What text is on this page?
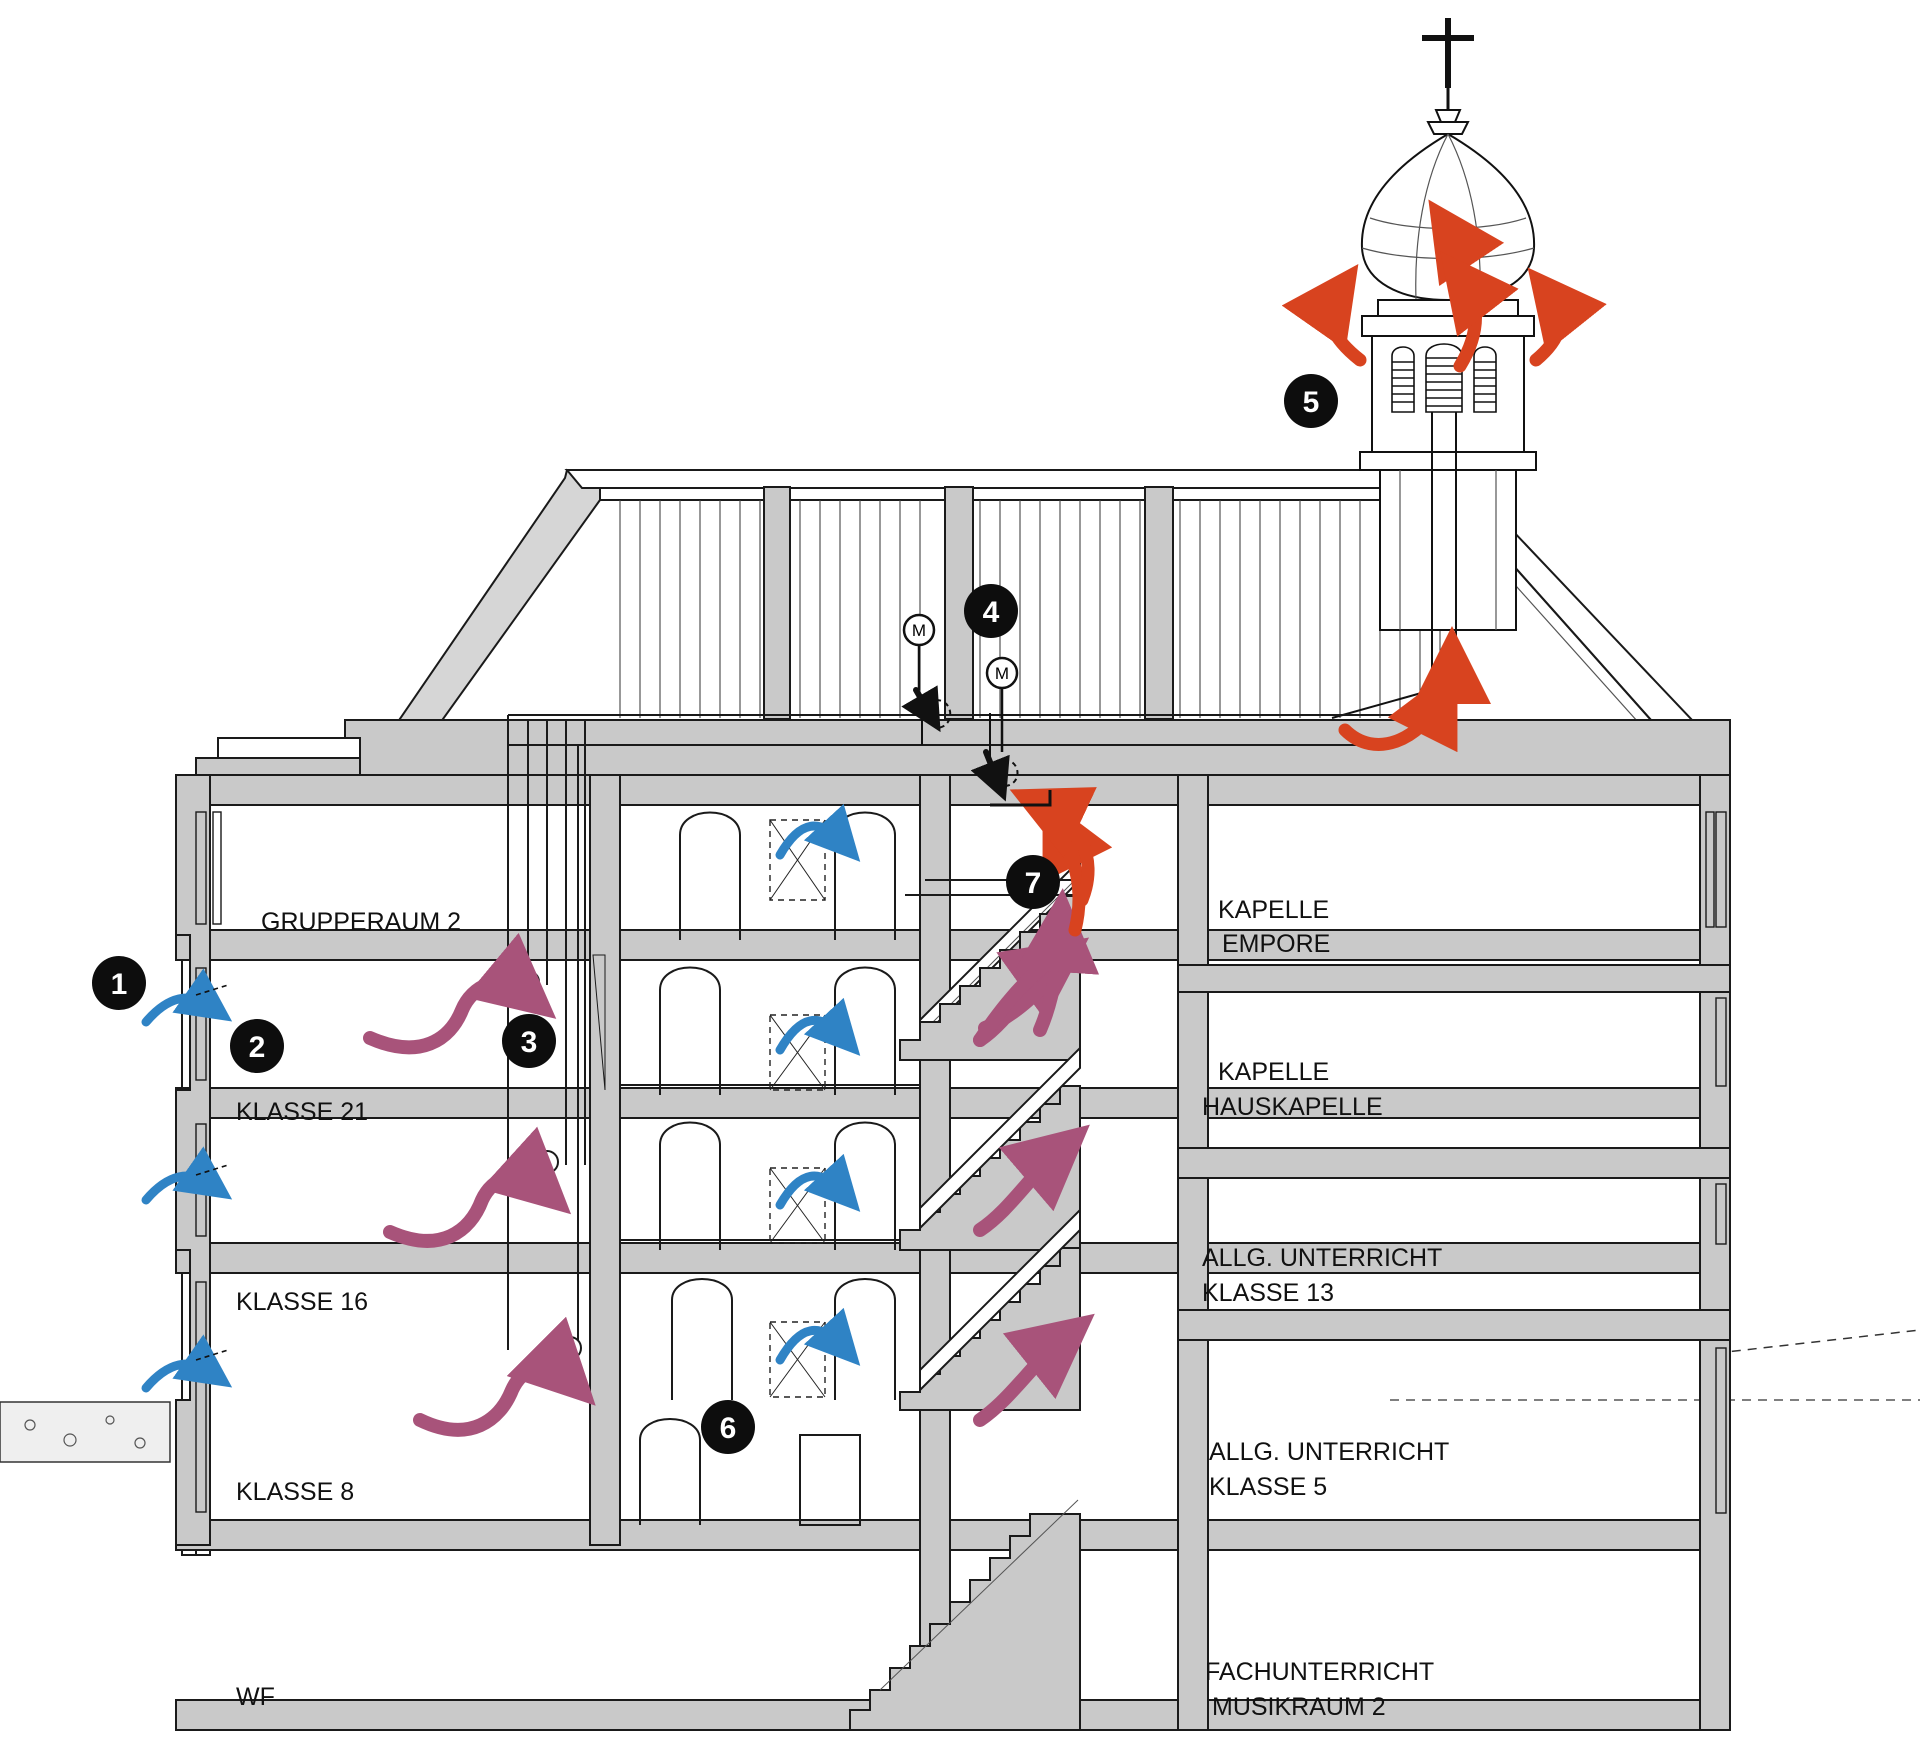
M
M
GRUPPERAUM 2
KLASSE 21
KLASSE 16
KLASSE 8
WF
KAPELLE
EMPORE
KAPELLE
HAUSKAPELLE
ALLG. UNTERRICHT
KLASSE 13
ALLG. UNTERRICHT
KLASSE 5
FACHUNTERRICHT
MUSIKRAUM 2
1
2	3
4
5
6
7
